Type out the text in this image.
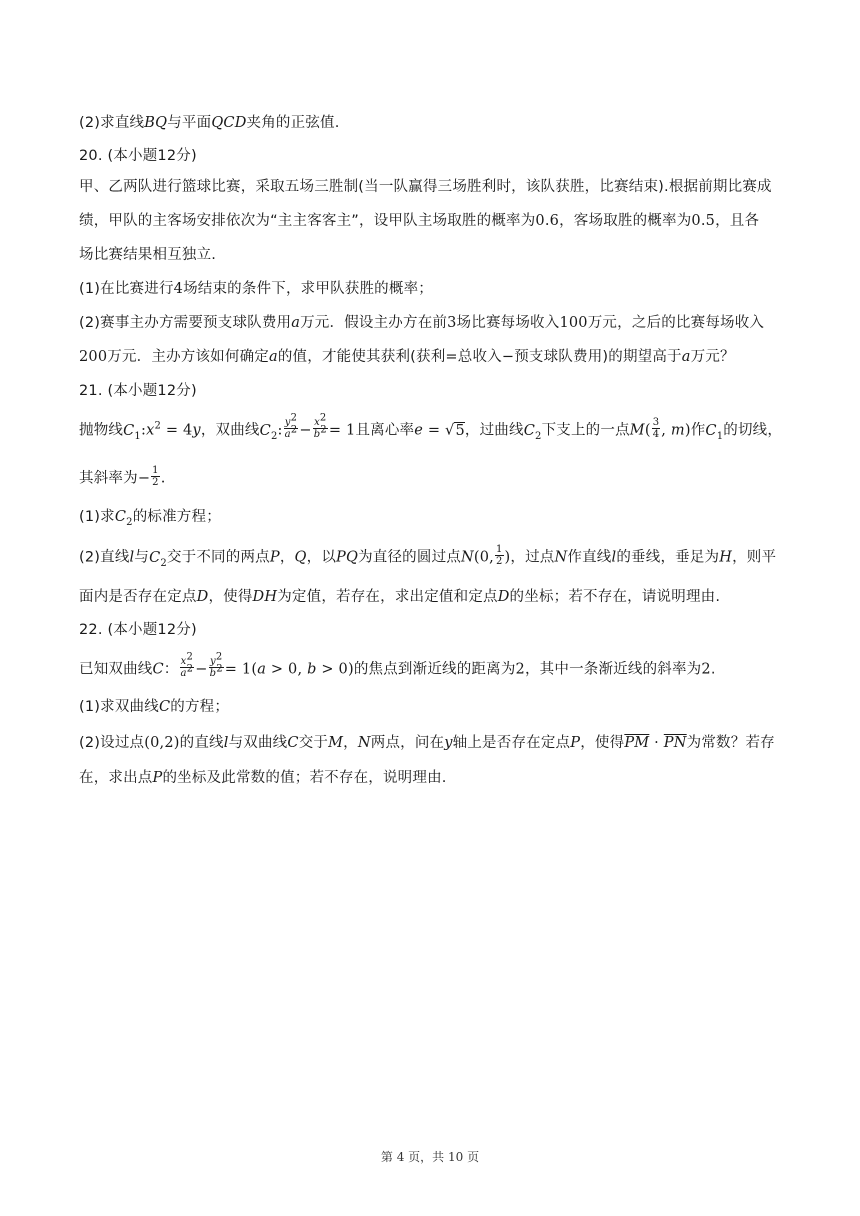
(2)求直线BQ与平面QCD夹角的正弦值.
20. (本小题12分)
甲、乙两队进行篮球比赛，采取五场三胜制(当一队赢得三场胜利时，该队获胜，比赛结束).根据前期比赛成
绩，甲队的主客场安排依次为“主主客客主”，设甲队主场取胜的概率为0.6，客场取胜的概率为0.5，且各
场比赛结果相互独立.
(1)在比赛进行4场结束的条件下，求甲队获胜的概率；
(2)赛事主办方需要预支球队费用a万元．假设主办方在前3场比赛每场收入100万元，之后的比赛每场收入
200万元．主办方该如何确定a的值，才能使其获利(获利=总收入−预支球队费用)的期望高于a万元？
21. (本小题12分)
抛物线$C_1:x^2 = 4y$，双曲线$C_2$: $\frac{y^2}{a^2} - \frac{x^2}{b^2} = 1$且离心率e = √5，过曲线$C_2$下支上的一点$M( \frac{3}{4}$ , m)作$C_1$的切线，
其斜率为− $\frac{1}{2}$ .
(1)求$C_2$的标准方程；
(2)直线l与$C_2$交于不同的两点P，Q，以PQ为直径的圆过点N(0, $\frac{1}{2}$ )，过点N作直线l的垂线，垂足为H，则平
面内是否存在定点D，使得DH为定值，若存在，求出定值和定点D的坐标；若不存在，请说明理由.
22. (本小题12分)
已知双曲线C： $\frac{x^2}{a^2} - \frac{y^2}{b^2} = 1(a > 0$, b > 0)的焦点到渐近线的距离为2，其中一条渐近线的斜率为2.
(1)求双曲线C的方程；
(2)设过点(0,2)的直线l与双曲线C交于M，N两点，问在y轴上是否存在定点P，使得$\overline{PM} \cdot \overline{PN}$为常数？若存
在，求出点P的坐标及此常数的值；若不存在，说明理由.
第 4 页，共 10 页
